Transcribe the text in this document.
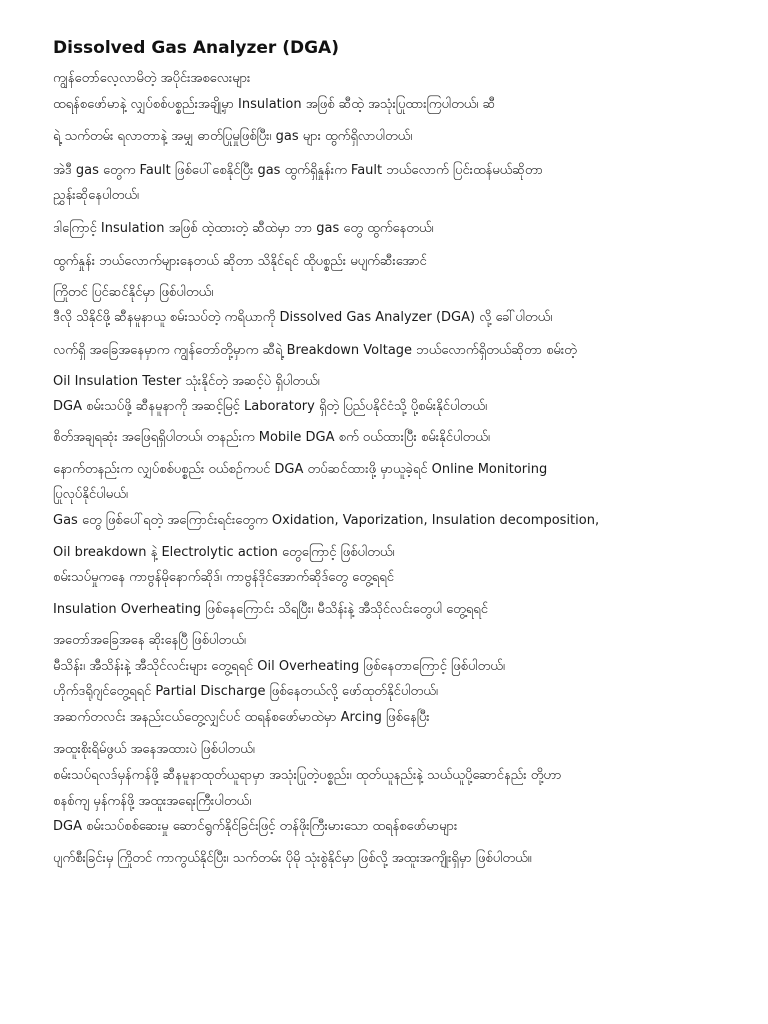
Dissolved Gas Analyzer (DGA)
ကျွန်တော်လေ့လာမိတဲ့ အပိုင်းအစလေးများ
ထရန်စဖော်မာနဲ့ လျှပ်စစ်ပစ္စည်းအချို့မှာ Insulation အဖြစ် ဆီထဲ့ အသုံးပြုထားကြပါတယ်၊ ဆီ
ရဲ့ သက်တမ်း ရလာတာနဲ့ အမျှ ဓာတ်ပြုမှုဖြစ်ပြီး၊ gas များ ထွက်ရှိလာပါတယ်၊
အဲဒီ gas တွေက Fault ဖြစ်ပေါ်စေနိုင်ပြီး gas ထွက်ရှိနှုန်းက Fault ဘယ်လောက် ပြင်းထန်မယ်ဆိုတာ
ညွှန်းဆိုနေပါတယ်၊
ဒါကြောင့် Insulation အဖြစ် ထဲ့ထားတဲ့ ဆီထဲမှာ ဘာ gas တွေ ထွက်နေတယ်၊
ထွက်နှုန်း ဘယ်လောက်များနေတယ် ဆိုတာ သိနိုင်ရင် ထိုပစ္စည်း မပျက်ဆီးအောင်
ကြိုတင် ပြင်ဆင်နိုင်မှာ ဖြစ်ပါတယ်၊
ဒီလို သိနိုင်ဖို့ ဆီနမူနာယူ စမ်းသပ်တဲ့ ကရိယာကို Dissolved Gas Analyzer (DGA) လို့ ခေါ်ပါတယ်၊
လက်ရှိ အခြေအနေမှာက ကျွန်တော်တို့မှာက ဆီရဲ့ Breakdown Voltage ဘယ်လောက်ရှိတယ်ဆိုတာ စမ်းတဲ့
Oil Insulation Tester သုံးနိုင်တဲ့ အဆင့်ပဲ ရှိပါတယ်၊
DGA စမ်းသပ်ဖို့ ဆီနမူနာကို အဆင့်မြင့် Laboratory ရှိတဲ့ ပြည်ပနိုင်ငံသို့ ပို့စမ်းနိုင်ပါတယ်၊
စိတ်အချရဆုံး အဖြေရရှိပါတယ်၊ တနည်းက Mobile DGA စက် ဝယ်ထားပြီး စမ်းနိုင်ပါတယ်၊
နောက်တနည်းက လျှပ်စစ်ပစ္စည်း ဝယ်စဉ်ကပင် DGA တပ်ဆင်ထားဖို့ မှာယူခဲ့ရင် Online Monitoring
ပြုလုပ်နိုင်ပါမယ်၊
Gas တွေ ဖြစ်ပေါ်ရတဲ့ အကြောင်းရင်းတွေက Oxidation, Vaporization, Insulation decomposition,
Oil breakdown နဲ့ Electrolytic action တွေကြောင့် ဖြစ်ပါတယ်၊
စမ်းသပ်မှုကနေ ကာဗွန်မိုနောက်ဆိုဒ်၊ ကာဗွန်ဒိုင်အောက်ဆိုဒ်တွေ တွေ့ရရင်
Insulation Overheating ဖြစ်နေကြောင်း သိရပြီး၊ မီသိန်းနဲ့ အီသိုင်လင်းတွေပါ တွေ့ရရင်
အတော်အခြေအနေ ဆိုးနေပြီ ဖြစ်ပါတယ်၊
မီသိန်း၊ အီသိန်းနဲ့ အီသိုင်လင်းများ တွေ့ရရင် Oil Overheating ဖြစ်နေတာကြောင့် ဖြစ်ပါတယ်၊
ဟိုက်ဒရိုဂျင်တွေ့ရရင် Partial Discharge ဖြစ်နေတယ်လို့ ဖော်ထုတ်နိုင်ပါတယ်၊
အဆက်တလင်း အနည်းငယ်တွေ့လျှင်ပင် ထရန်စဖော်မာထဲမှာ Arcing ဖြစ်နေပြီး
အထူးစိုးရိမ်ဖွယ် အနေအထားပဲ ဖြစ်ပါတယ်၊
စမ်းသပ်ရလဒ်မှန်ကန်ဖို့ ဆီနမူနာထုတ်ယူရာမှာ အသုံးပြုတဲ့ပစ္စည်း၊ ထုတ်ယူနည်းနဲ့ သယ်ယူပို့ဆောင်နည်း တို့ဟာ
စနစ်ကျ မှန်ကန်ဖို့ အထူးအရေးကြီးပါတယ်၊
DGA စမ်းသပ်စစ်ဆေးမှု ဆောင်ရွက်နိုင်ခြင်းဖြင့် တန်ဖိုးကြီးမားသော ထရန်စဖော်မာများ
ပျက်စီးခြင်းမှ ကြိုတင် ကာကွယ်နိုင်ပြီး၊ သက်တမ်း ပိုမို သုံးစွဲနိုင်မှာ ဖြစ်လို့ အထူးအကျိုးရှိမှာ ဖြစ်ပါတယ်။
